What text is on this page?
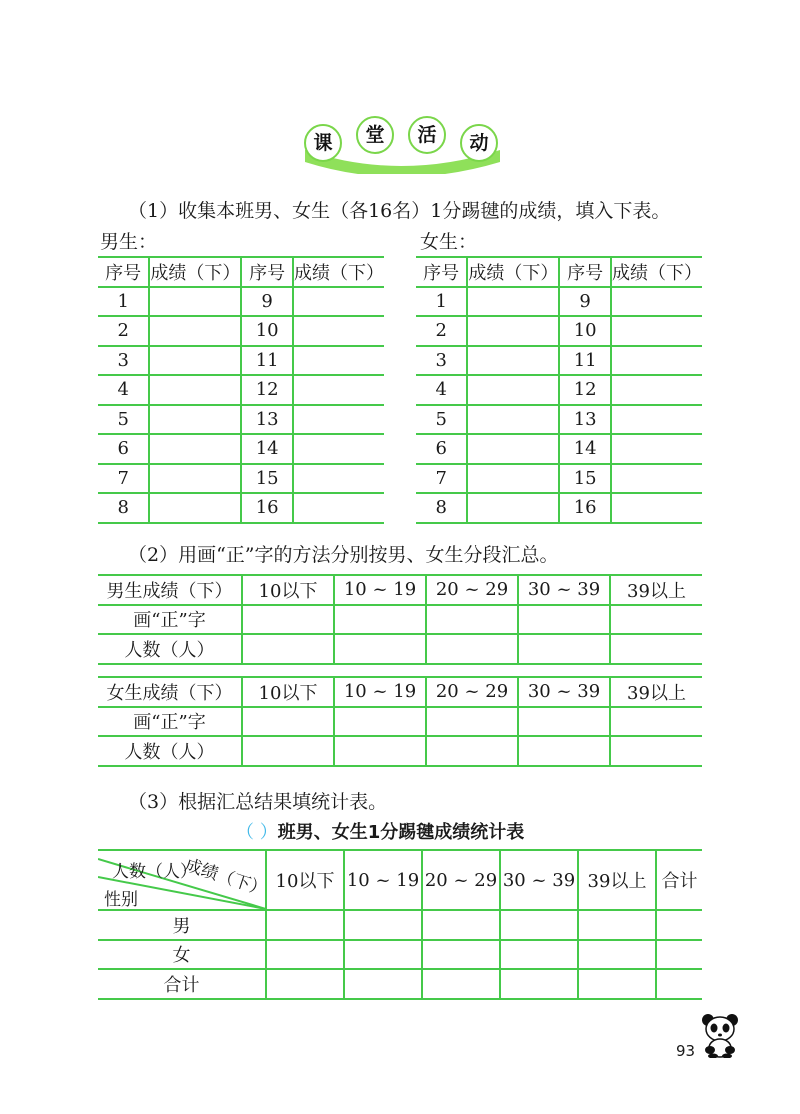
课	堂	活	动
（1）收集本班男、女生（各16名）1分踢毽的成绩，填入下表。
男生：	女生：
序号	成绩（下）	序号	成绩（下）
1		9	
2		10	
3		11	
4		12	
5		13	
6		14	
7		15	
8		16	
序号	成绩（下）	序号	成绩（下）
1		9	
2		10	
3		11	
4		12	
5		13	
6		14	
7		15	
8		16	
（2）用画“正”字的方法分别按男、女生分段汇总。
男生成绩（下）	10以下	10 ~ 19	20 ~ 29	30 ~ 39	39以上
画“正”字					
人数（人）					
女生成绩（下）	10以下	10 ~ 19	20 ~ 29	30 ~ 39	39以上
画“正”字					
人数（人）					
（3）根据汇总结果填统计表。
（ ）班男、女生1分踢毽成绩统计表
人数（人）
成绩（下）
性别	10以下	10 ~ 19	20 ~ 29	30 ~ 39	39以上	合计
男						
女						
合计						
93
